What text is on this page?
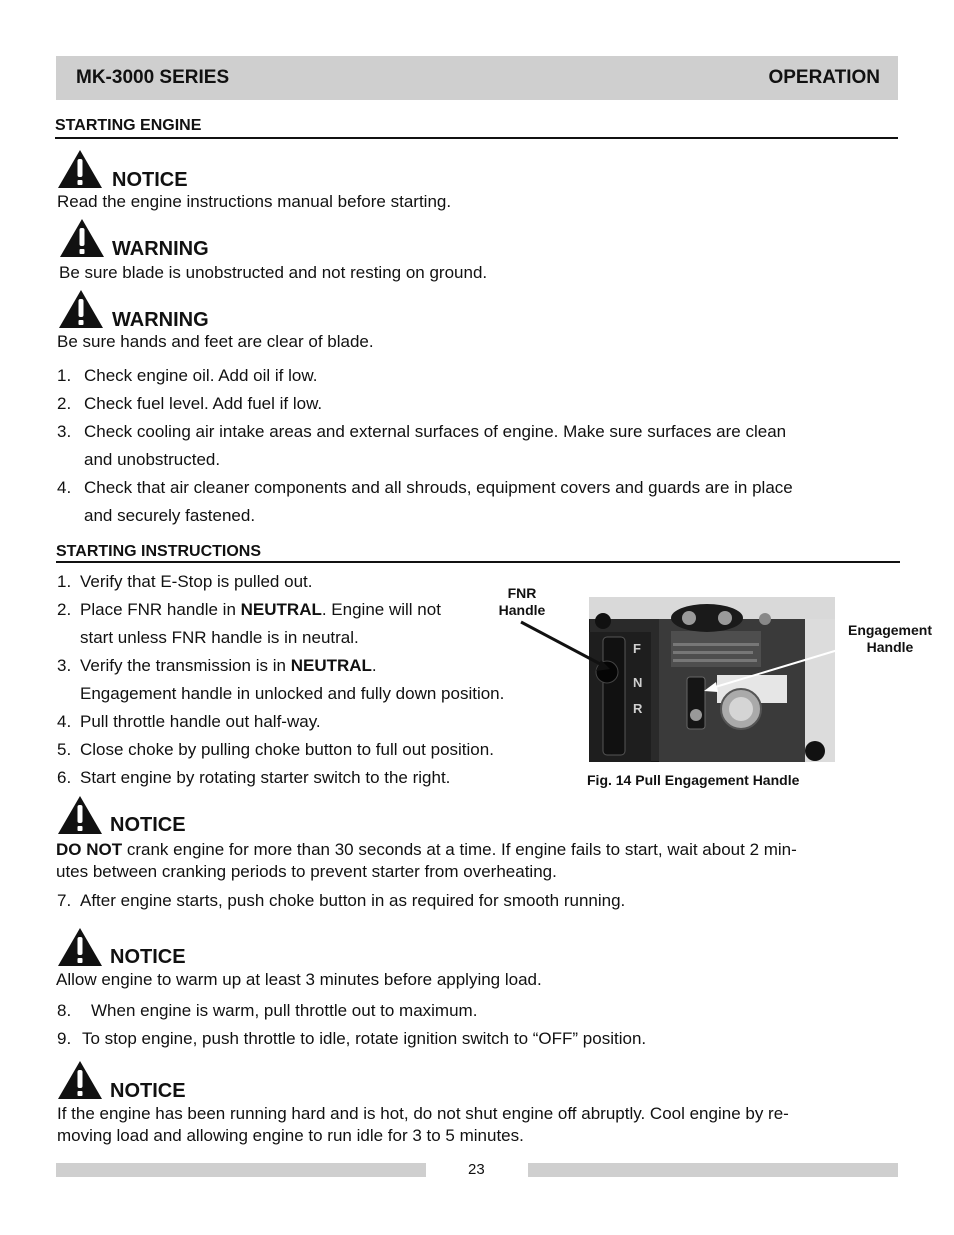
MK-3000 SERIES	OPERATION
STARTING ENGINE
NOTICE
Read the engine instructions manual before starting.
WARNING
Be sure blade is unobstructed and not resting on ground.
WARNING
Be sure hands and feet are clear of blade.
1. Check engine oil. Add oil if low.
2. Check fuel level. Add fuel if low.
3. Check cooling air intake areas and external surfaces of engine. Make sure surfaces are clean
and unobstructed.
4. Check that air cleaner components and all shrouds, equipment covers and guards are in place
and securely fastened.
STARTING INSTRUCTIONS
1. Verify that E-Stop is pulled out.
2. Place FNR handle in NEUTRAL. Engine will not
start unless FNR handle is in neutral.
3. Verify the transmission is in NEUTRAL.
Engagement handle in unlocked and fully down position.
4. Pull throttle handle out half-way.
5. Close choke by pulling choke button to full out position.
6. Start engine by rotating starter switch to the right.
FNR
Handle
Engagement
Handle
F
N
R
Fig. 14 Pull Engagement Handle
NOTICE
DO NOT crank engine for more than 30 seconds at a time. If engine fails to start, wait about 2 min-
utes between cranking periods to prevent starter from overheating.
7. After engine starts, push choke button in as required for smooth running.
NOTICE
Allow engine to warm up at least 3 minutes before applying load.
8. When engine is warm, pull throttle out to maximum.
9. To stop engine, push throttle to idle, rotate ignition switch to “OFF” position.
NOTICE
If the engine has been running hard and is hot, do not shut engine off abruptly. Cool engine by re-
moving load and allowing engine to run idle for 3 to 5 minutes.
23
